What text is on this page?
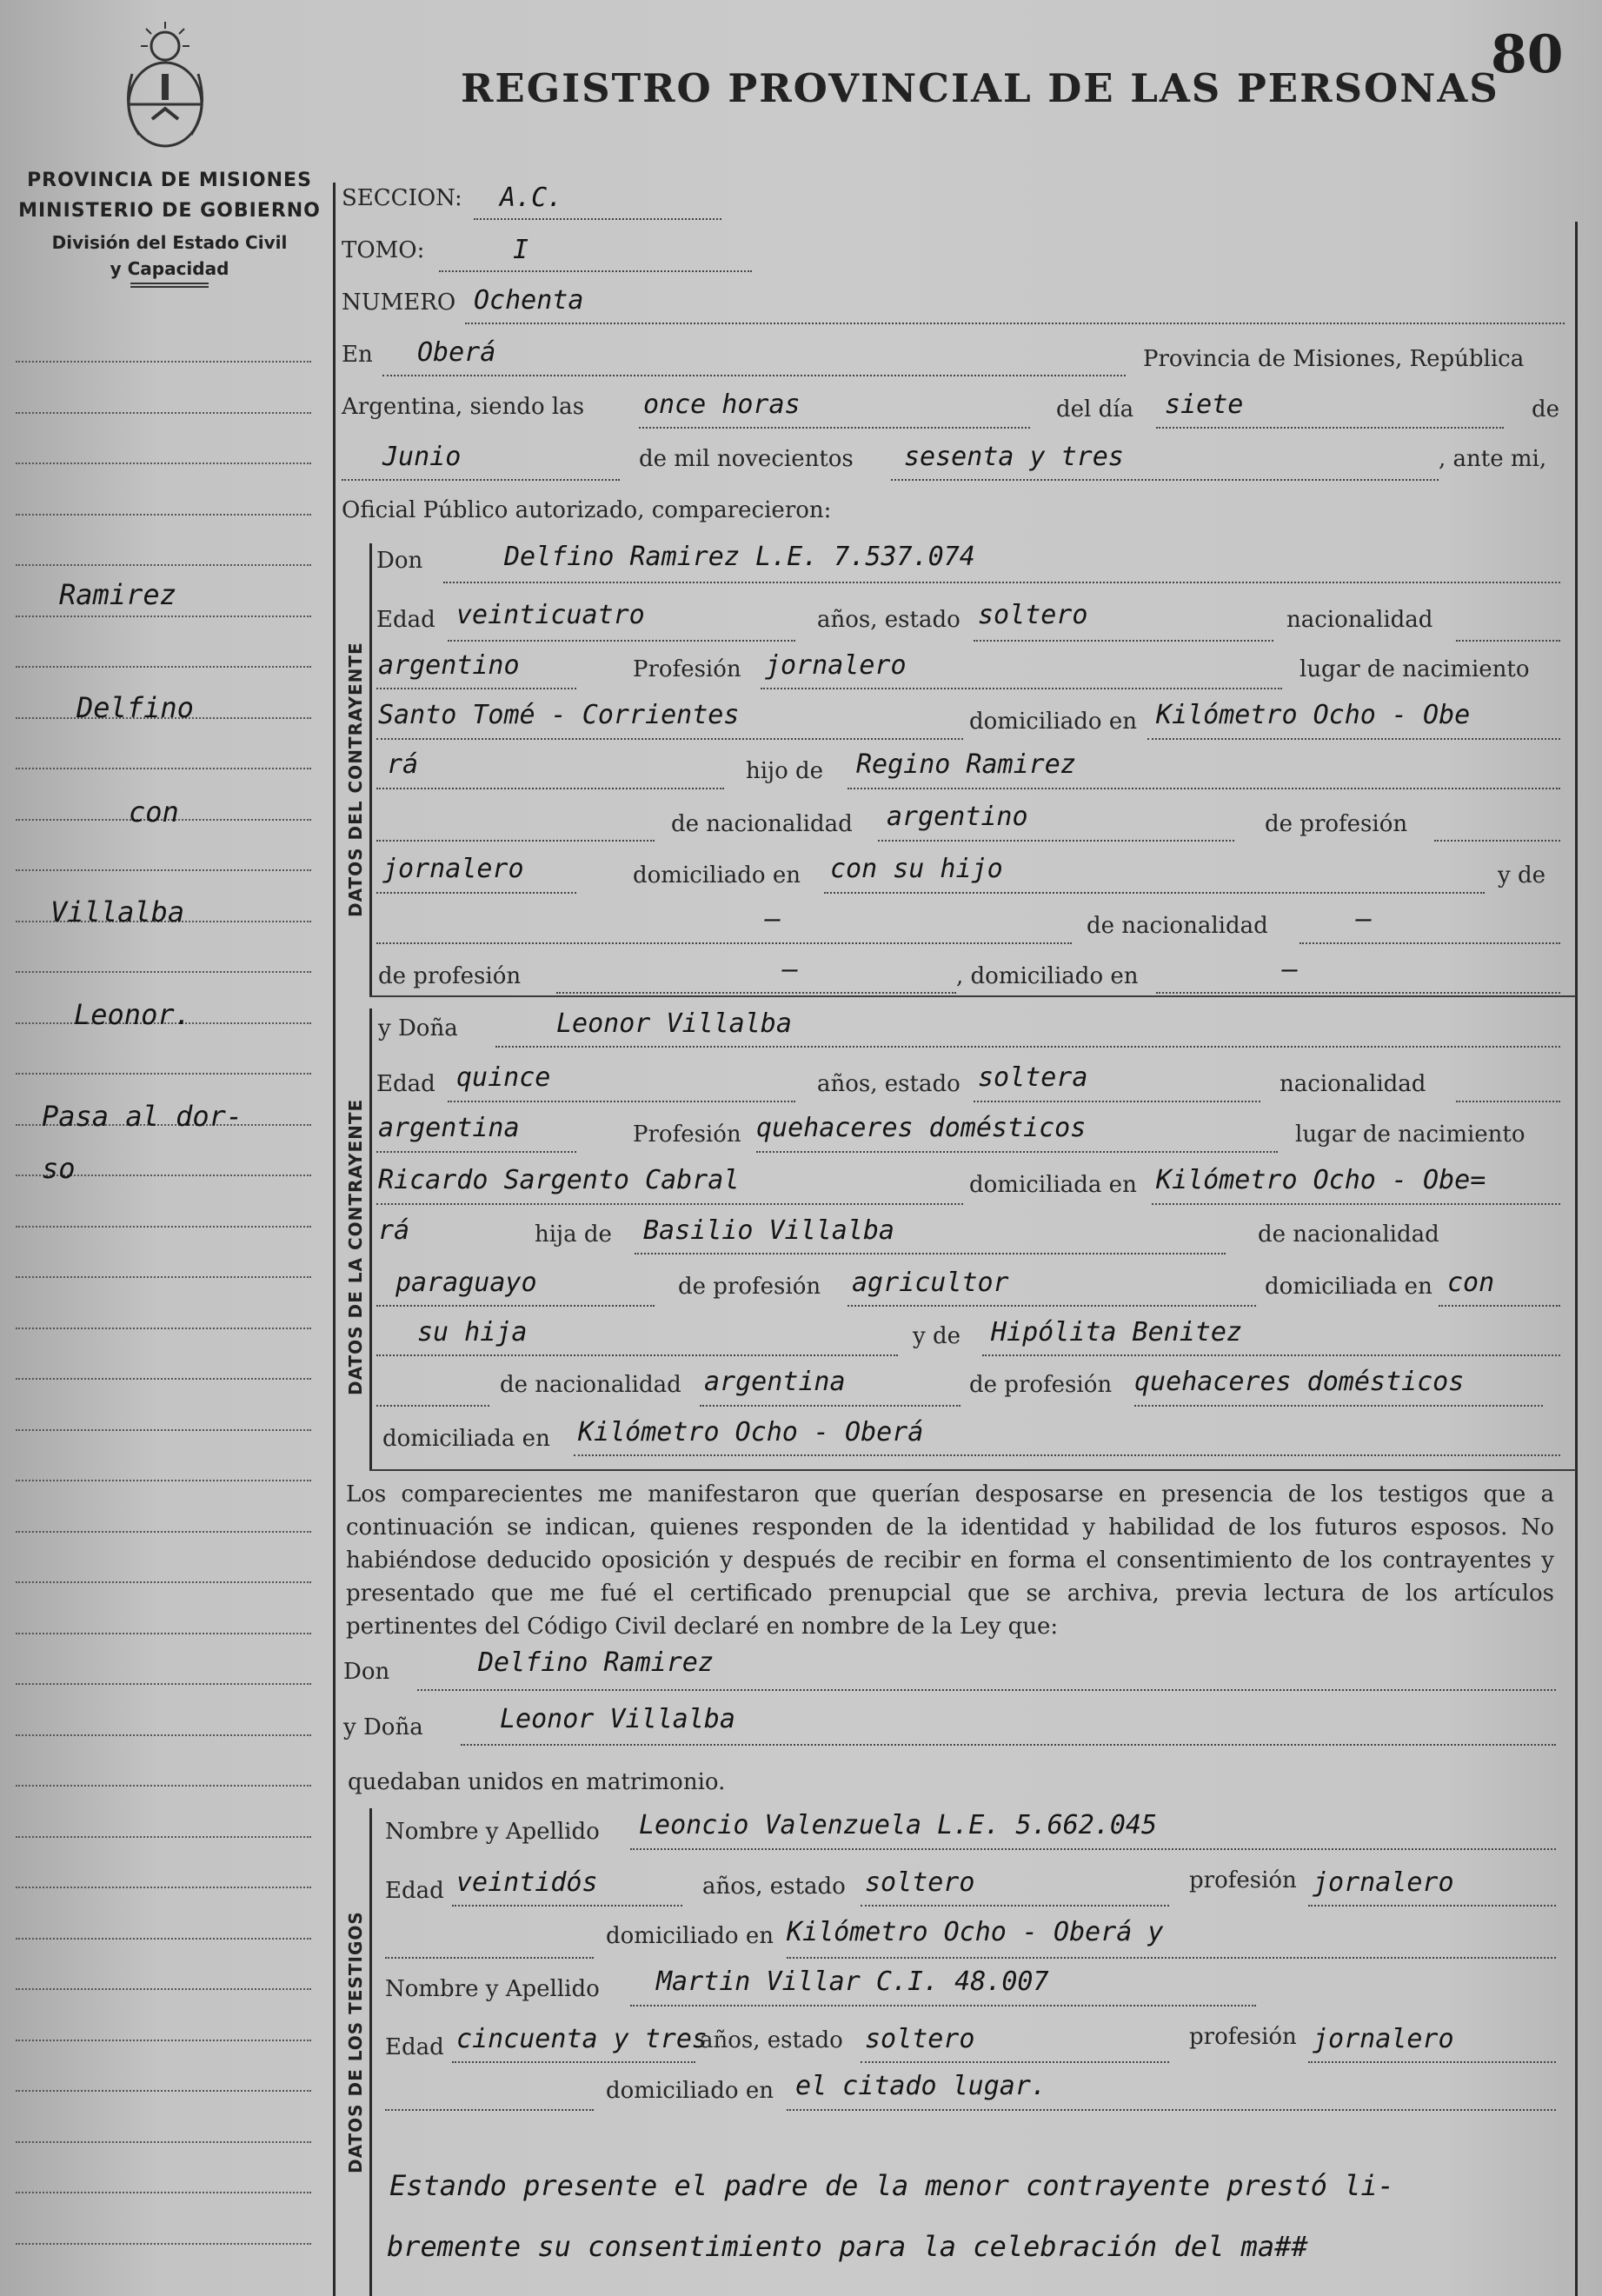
80
REGISTRO PROVINCIAL DE LAS PERSONAS
PROVINCIA DE MISIONES
MINISTERIO DE GOBIERNO
División del Estado Civil
y Capacidad
Ramirez
Delfino
con
Villalba
Leonor.
Pasa al dor-
so
DATOS DEL CONTRAYENTE
DATOS DE LA CONTRAYENTE
DATOS DE LOS TESTIGOS
SECCION: A.C.
TOMO:	I
NUMERO Ochenta
En Oberá	Provincia de Misiones, República
Argentina, siendo las once horas	del día siete	de
Junio	de mil novecientos sesenta y tres	, ante mi,
Oficial Público autorizado, comparecieron:
Don	Delfino Ramirez L.E. 7.537.074
Edad veinticuatro	años, estado soltero	nacionalidad
argentino	Profesión jornalero	lugar de nacimiento
Santo Tomé - Corrientes	domiciliado en Kilómetro Ocho - Obe
rá	hijo de Regino Ramirez
de nacionalidad argentino	de profesión
jornalero	domiciliado en con su hijo	y de
—	de nacionalidad	—
de profesión	—	, domiciliado en	—
y Doña	Leonor Villalba
Edad quince	años, estado soltera	nacionalidad
argentina	Profesión quehaceres domésticos	lugar de nacimiento
Ricardo Sargento Cabral	domiciliada en Kilómetro Ocho - Obe=
rá	hija de Basilio Villalba	de nacionalidad
paraguayo	de profesión agricultor	domiciliada en con
su hija	y de Hipólita Benitez
de nacionalidad argentina	de profesión quehaceres domésticos
domiciliada en Kilómetro Ocho - Oberá
Los comparecientes me manifestaron que querían desposarse en presencia de los testigos que a continuación se indican, quienes responden de la identidad y habilidad de los futuros esposos. No habiéndose deducido oposición y después de recibir en forma el consentimiento de los contrayentes y presentado que me fué el certificado prenupcial que se archiva, previa lectura de los artículos pertinentes del Código Civil declaré en nombre de la Ley que:
Don	Delfino Ramirez
y Doña	Leonor Villalba
quedaban unidos en matrimonio.
Nombre y Apellido Leoncio Valenzuela L.E. 5.662.045
Edad veintidós	años, estado soltero	profesión jornalero
domiciliado en Kilómetro Ocho - Oberá y
Nombre y Apellido Martin Villar C.I. 48.007
Edad cincuenta y tres
años, estado soltero	profesión jornalero
domiciliado en el citado lugar.
Estando presente el padre de la menor contrayente prestó li-
bremente su consentimiento para la celebración del ma##
